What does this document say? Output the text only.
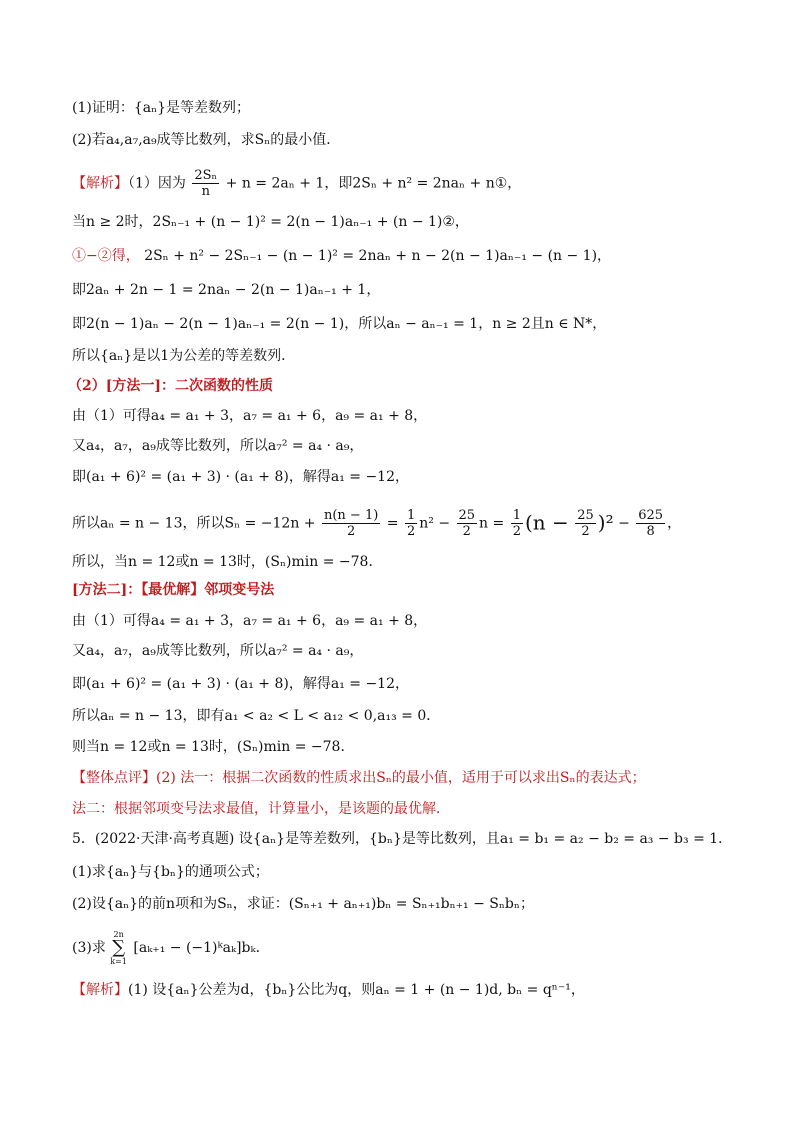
(1)证明：{aₙ}是等差数列；
(2)若a₄,a₇,a₉成等比数列，求Sₙ的最小值．
【解析】（1）因为 $\frac{\text{2Sₙ}}{n} + n = 2a_n + 1$，即2Sₙ + n² = 2naₙ + n①，
当n ≥ 2时，2Sₙ₋₁ + (n − 1)² = 2(n − 1)aₙ₋₁ + (n − 1)②，
①−②得， 2Sₙ + n² − 2Sₙ₋₁ − (n − 1)² = 2naₙ + n − 2(n − 1)aₙ₋₁ − (n − 1)，
即2aₙ + 2n − 1 = 2naₙ − 2(n − 1)aₙ₋₁ + 1，
即2(n − 1)aₙ − 2(n − 1)aₙ₋₁ = 2(n − 1)，所以aₙ − aₙ₋₁ = 1，n ≥ 2且n ∈ N*，
所以{aₙ}是以1为公差的等差数列．
（2）[方法一]：二次函数的性质
由（1）可得a₄ = a₁ + 3，a₇ = a₁ + 6，a₉ = a₁ + 8，
又a₄，a₇，a₉成等比数列，所以a₇² = a₄ · a₉，
即(a₁ + 6)² = (a₁ + 3) · (a₁ + 8)，解得a₁ = −12，
所以aₙ = n − 13，所以$S_n = -12n + \frac{n(n - 1)}{2} = \frac{1}{2} n^2 - \frac{25}{2}$ $n = \frac{1}{2} (n - \frac{25}{2} )^2 - \frac{625}{8}$ ，
所以，当n = 12或n = 13时，(Sₙ)min = −78．
[方法二]：【最优解】邻项变号法
由（1）可得a₄ = a₁ + 3，a₇ = a₁ + 6，a₉ = a₁ + 8，
又a₄，a₇，a₉成等比数列，所以a₇² = a₄ · a₉，
即(a₁ + 6)² = (a₁ + 3) · (a₁ + 8)，解得a₁ = −12，
所以aₙ = n − 13，即有a₁ < a₂ < L < a₁₂ < 0,a₁₃ = 0．
则当n = 12或n = 13时，(Sₙ)min = −78．
【整体点评】(2) 法一：根据二次函数的性质求出Sₙ的最小值，适用于可以求出Sₙ的表达式；
法二：根据邻项变号法求最值，计算量小，是该题的最优解．
5．(2022·天津·高考真题) 设{aₙ}是等差数列，{bₙ}是等比数列，且a₁ = b₁ = a₂ − b₂ = a₃ − b₃ = 1．
(1)求{aₙ}与{bₙ}的通项公式；
(2)设{aₙ}的前n项和为Sₙ，求证：(Sₙ₊₁ + aₙ₊₁)bₙ = Sₙ₊₁bₙ₊₁ − Sₙbₙ；
(3)求 2n
∑
k=1 [aₖ₊₁ − (−1)ᵏaₖ]bₖ．
【解析】(1) 设{aₙ}公差为d，{bₙ}公比为q，则aₙ = 1 + (n − 1)d, bₙ = qⁿ⁻¹，
